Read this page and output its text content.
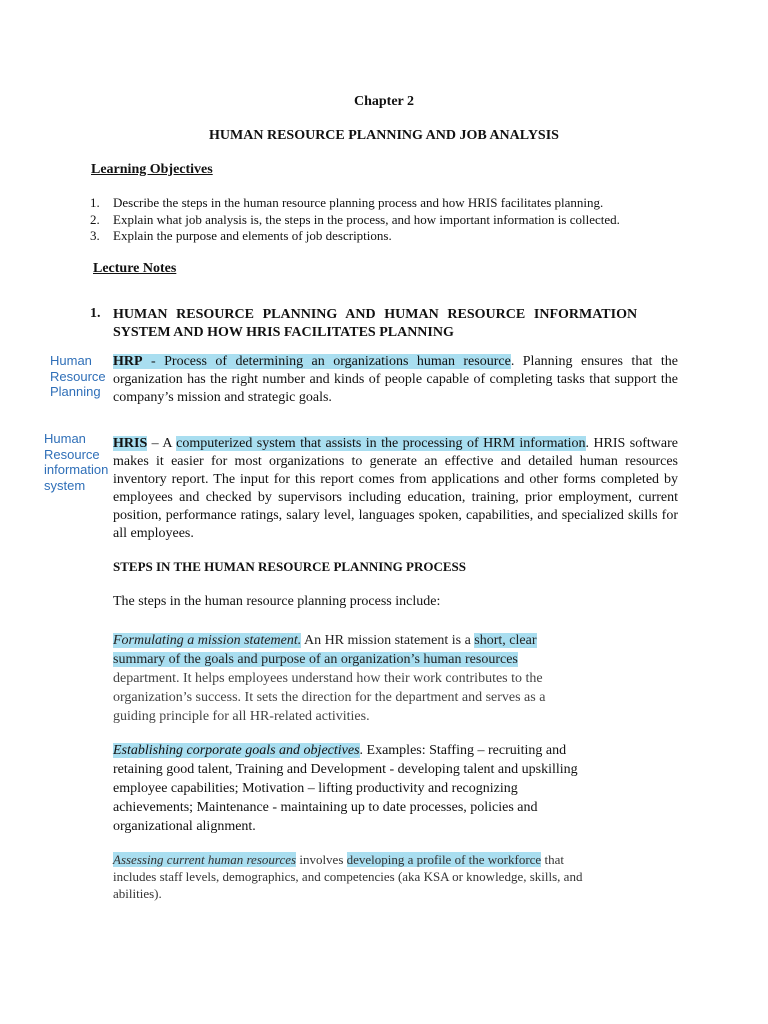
Chapter 2
HUMAN RESOURCE PLANNING AND JOB ANALYSIS
Learning Objectives
1. Describe the steps in the human resource planning process and how HRIS facilitates planning.
2. Explain what job analysis is, the steps in the process, and how important information is collected.
3. Explain the purpose and elements of job descriptions.
Lecture Notes
1. HUMAN RESOURCE PLANNING AND HUMAN RESOURCE INFORMATION
SYSTEM AND HOW HRIS FACILITATES PLANNING
Human
Resource
Planning
Human
Resource
information
system
HRP - Process of determining an organizations human resource. Planning ensures that the organization has the right number and kinds of people capable of completing tasks that support the company’s mission and strategic goals.
HRIS – A computerized system that assists in the processing of HRM information. HRIS software makes it easier for most organizations to generate an effective and detailed human resources inventory report. The input for this report comes from applications and other forms completed by employees and checked by supervisors including education, training, prior employment, current position, performance ratings, salary level, languages spoken, capabilities, and specialized skills for all employees.
STEPS IN THE HUMAN RESOURCE PLANNING PROCESS
The steps in the human resource planning process include:
Formulating a mission statement. An HR mission statement is a short, clear
summary of the goals and purpose of an organization’s human resources
department. It helps employees understand how their work contributes to the
organization’s success. It sets the direction for the department and serves as a
guiding principle for all HR-related activities.
Establishing corporate goals and objectives. Examples: Staffing – recruiting and
retaining good talent, Training and Development - developing talent and upskilling
employee capabilities; Motivation – lifting productivity and recognizing
achievements; Maintenance - maintaining up to date processes, policies and
organizational alignment.
Assessing current human resources involves developing a profile of the workforce that
includes staff levels, demographics, and competencies (aka KSA or knowledge, skills, and
abilities).
